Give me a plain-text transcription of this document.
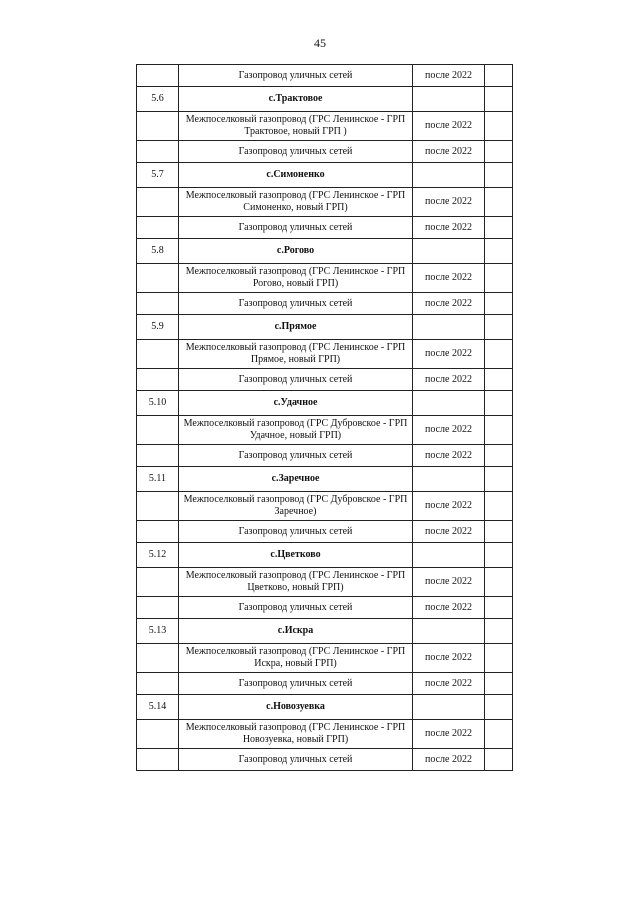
45
	Газопровод уличных сетей	после 2022	
5.6	с.Трактовое		
	Межпоселковый газопровод (ГРС Ленинское - ГРП Трактовое, новый ГРП )	после 2022	
	Газопровод уличных сетей	после 2022	
5.7	с.Симоненко		
	Межпоселковый газопровод (ГРС Ленинское - ГРП Симоненко, новый ГРП)	после 2022	
	Газопровод уличных сетей	после 2022	
5.8	с.Рогово		
	Межпоселковый газопровод (ГРС Ленинское - ГРП Рогово, новый ГРП)	после 2022	
	Газопровод уличных сетей	после 2022	
5.9	с.Прямое		
	Межпоселковый газопровод (ГРС Ленинское - ГРП Прямое, новый ГРП)	после 2022	
	Газопровод уличных сетей	после 2022	
5.10	с.Удачное		
	Межпоселковый газопровод (ГРС Дубровское - ГРП Удачное, новый ГРП)	после 2022	
	Газопровод уличных сетей	после 2022	
5.11	с.Заречное		
	Межпоселковый газопровод (ГРС Дубровское - ГРП Заречное)	после 2022	
	Газопровод уличных сетей	после 2022	
5.12	с.Цветково		
	Межпоселковый газопровод (ГРС Ленинское - ГРП Цветково, новый ГРП)	после 2022	
	Газопровод уличных сетей	после 2022	
5.13	с.Искра		
	Межпоселковый газопровод (ГРС Ленинское - ГРП Искра, новый ГРП)	после 2022	
	Газопровод уличных сетей	после 2022	
5.14	с.Новозуевка		
	Межпоселковый газопровод (ГРС Ленинское - ГРП Новозуевка, новый ГРП)	после 2022	
	Газопровод уличных сетей	после 2022	
